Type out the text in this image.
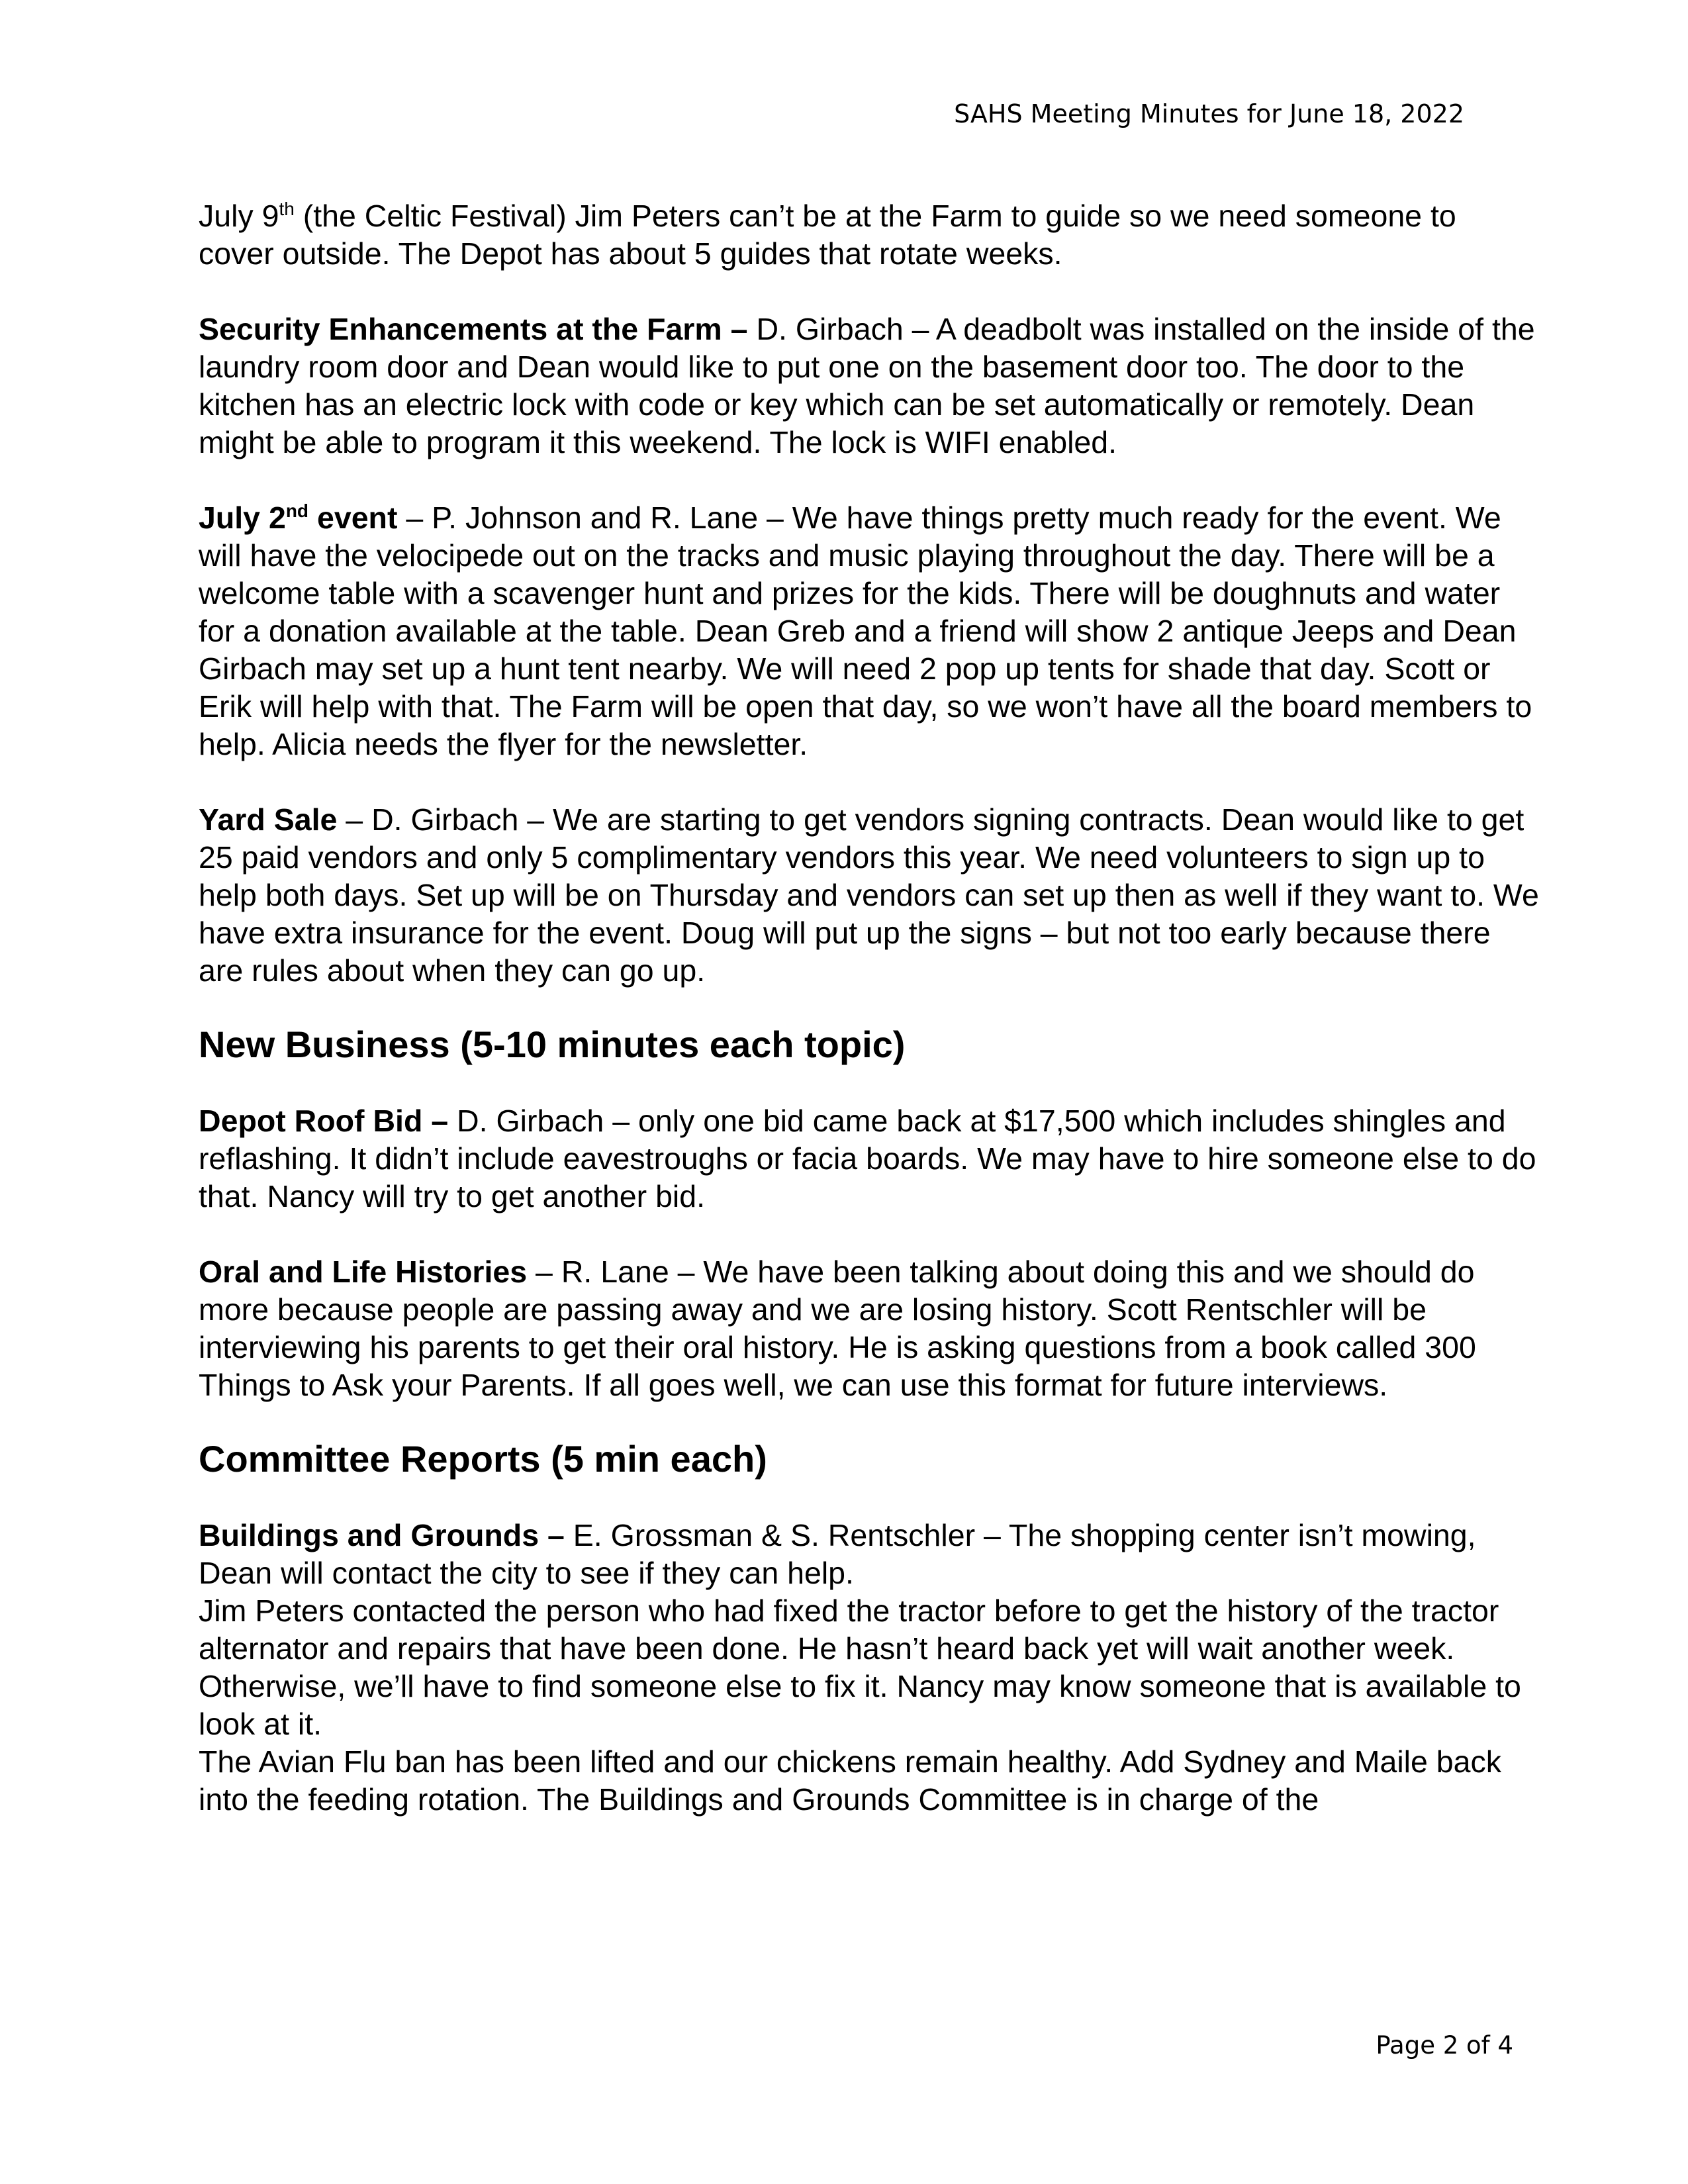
SAHS Meeting Minutes for June 18, 2022

July 9th (the Celtic Festival) Jim Peters can’t be at the Farm to guide so we need someone to cover outside. The Depot has about 5 guides that rotate weeks.

Security Enhancements at the Farm – D. Girbach – A deadbolt was installed on the inside of the laundry room door and Dean would like to put one on the basement door too. The door to the kitchen has an electric lock with code or key which can be set automatically or remotely. Dean might be able to program it this weekend. The lock is WIFI enabled.

July 2nd event – P. Johnson and R. Lane – We have things pretty much ready for the event. We will have the velocipede out on the tracks and music playing throughout the day. There will be a welcome table with a scavenger hunt and prizes for the kids. There will be doughnuts and water for a donation available at the table. Dean Greb and a friend will show 2 antique Jeeps and Dean Girbach may set up a hunt tent nearby. We will need 2 pop up tents for shade that day. Scott or Erik will help with that. The Farm will be open that day, so we won’t have all the board members to help. Alicia needs the flyer for the newsletter.

Yard Sale – D. Girbach – We are starting to get vendors signing contracts. Dean would like to get 25 paid vendors and only 5 complimentary vendors this year. We need volunteers to sign up to help both days. Set up will be on Thursday and vendors can set up then as well if they want to. We have extra insurance for the event. Doug will put up the signs – but not too early because there are rules about when they can go up.

New Business (5-10 minutes each topic)

Depot Roof Bid – D. Girbach – only one bid came back at $17,500 which includes shingles and reflashing. It didn’t include eavestroughs or facia boards. We may have to hire someone else to do that. Nancy will try to get another bid.

Oral and Life Histories – R. Lane – We have been talking about doing this and we should do more because people are passing away and we are losing history. Scott Rentschler will be interviewing his parents to get their oral history. He is asking questions from a book called 300 Things to Ask your Parents. If all goes well, we can use this format for future interviews.

Committee Reports (5 min each)

Buildings and Grounds – E. Grossman & S. Rentschler – The shopping center isn’t mowing, Dean will contact the city to see if they can help.

Jim Peters contacted the person who had fixed the tractor before to get the history of the tractor alternator and repairs that have been done. He hasn’t heard back yet will wait another week. Otherwise, we’ll have to find someone else to fix it. Nancy may know someone that is available to look at it.

The Avian Flu ban has been lifted and our chickens remain healthy. Add Sydney and Maile back into the feeding rotation. The Buildings and Grounds Committee is in charge of the

Page 2 of 4
